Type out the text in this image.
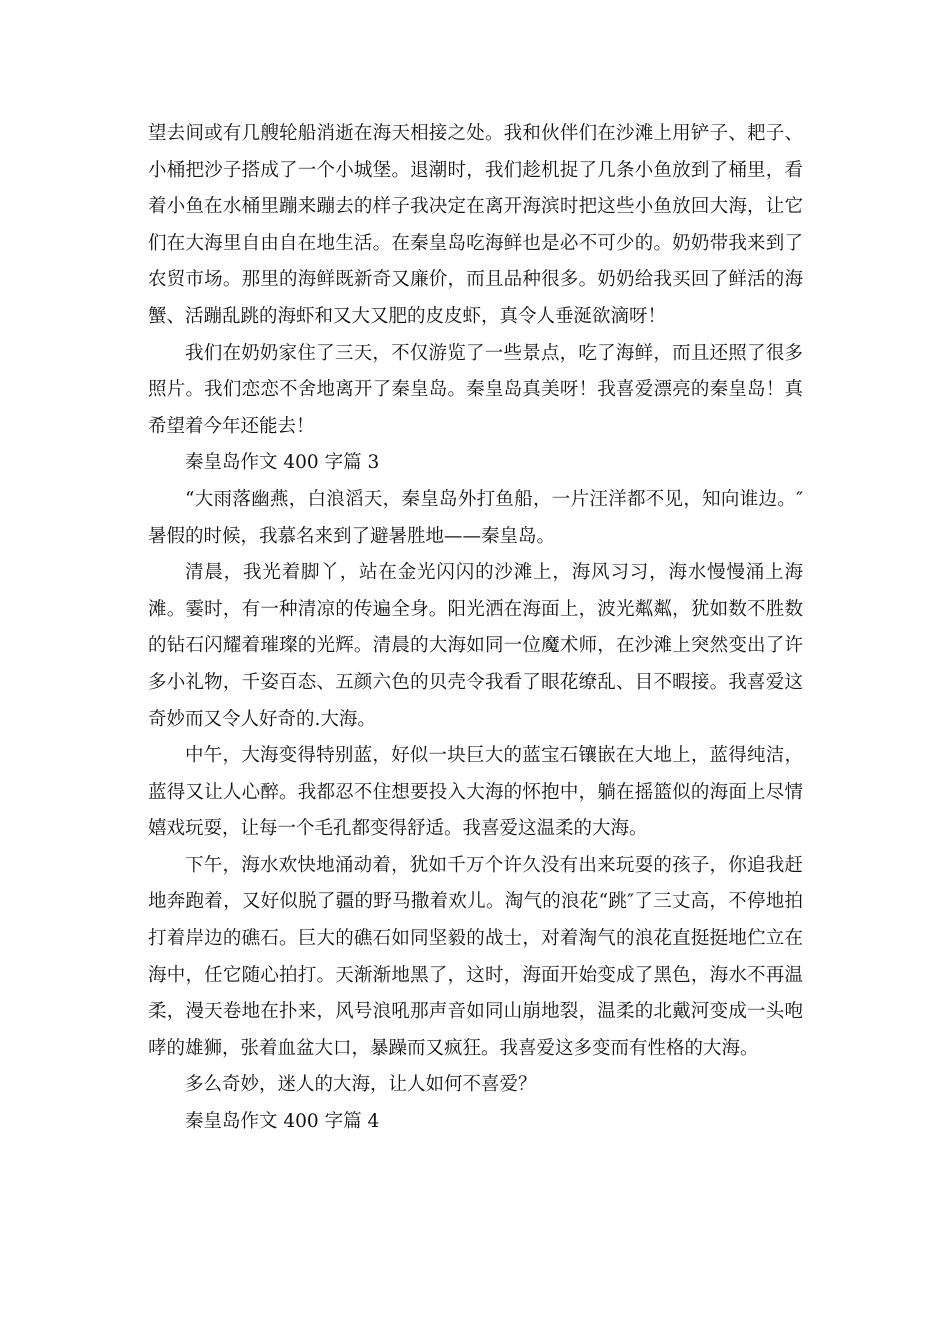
望去间或有几艘轮船消逝在海天相接之处。我和伙伴们在沙滩上用铲子、耙子、小桶把沙子搭成了一个小城堡。退潮时，我们趁机捉了几条小鱼放到了桶里，看着小鱼在水桶里蹦来蹦去的样子我决定在离开海滨时把这些小鱼放回大海，让它们在大海里自由自在地生活。在秦皇岛吃海鲜也是必不可少的。奶奶带我来到了农贸市场。那里的海鲜既新奇又廉价，而且品种很多。奶奶给我买回了鲜活的海蟹、活蹦乱跳的海虾和又大又肥的皮皮虾，真令人垂涎欲滴呀！

我们在奶奶家住了三天，不仅游览了一些景点，吃了海鲜，而且还照了很多照片。我们恋恋不舍地离开了秦皇岛。秦皇岛真美呀！我喜爱漂亮的秦皇岛！真希望着今年还能去！

秦皇岛作文 400 字篇 3

“大雨落幽燕，白浪滔天，秦皇岛外打鱼船，一片汪洋都不见，知向谁边。″暑假的时候，我慕名来到了避暑胜地——秦皇岛。

清晨，我光着脚丫，站在金光闪闪的沙滩上，海风习习，海水慢慢涌上海滩。霎时，有一种清凉的传遍全身。阳光洒在海面上，波光粼粼，犹如数不胜数的钻石闪耀着璀璨的光辉。清晨的大海如同一位魔术师，在沙滩上突然变出了许多小礼物，千姿百态、五颜六色的贝壳令我看了眼花缭乱、目不暇接。我喜爱这奇妙而又令人好奇的.大海。

中午，大海变得特别蓝，好似一块巨大的蓝宝石镶嵌在大地上，蓝得纯洁，蓝得又让人心醉。我都忍不住想要投入大海的怀抱中，躺在摇篮似的海面上尽情嬉戏玩耍，让每一个毛孔都变得舒适。我喜爱这温柔的大海。

下午，海水欢快地涌动着，犹如千万个许久没有出来玩耍的孩子，你追我赶地奔跑着，又好似脱了疆的野马撒着欢儿。淘气的浪花“跳″了三丈高，不停地拍打着岸边的礁石。巨大的礁石如同坚毅的战士，对着淘气的浪花直挺挺地伫立在海中，任它随心拍打。天渐渐地黑了，这时，海面开始变成了黑色，海水不再温柔，漫天卷地在扑来，风号浪吼那声音如同山崩地裂，温柔的北戴河变成一头咆哮的雄狮，张着血盆大口，暴躁而又疯狂。我喜爱这多变而有性格的大海。

多么奇妙，迷人的大海，让人如何不喜爱？

秦皇岛作文 400 字篇 4
